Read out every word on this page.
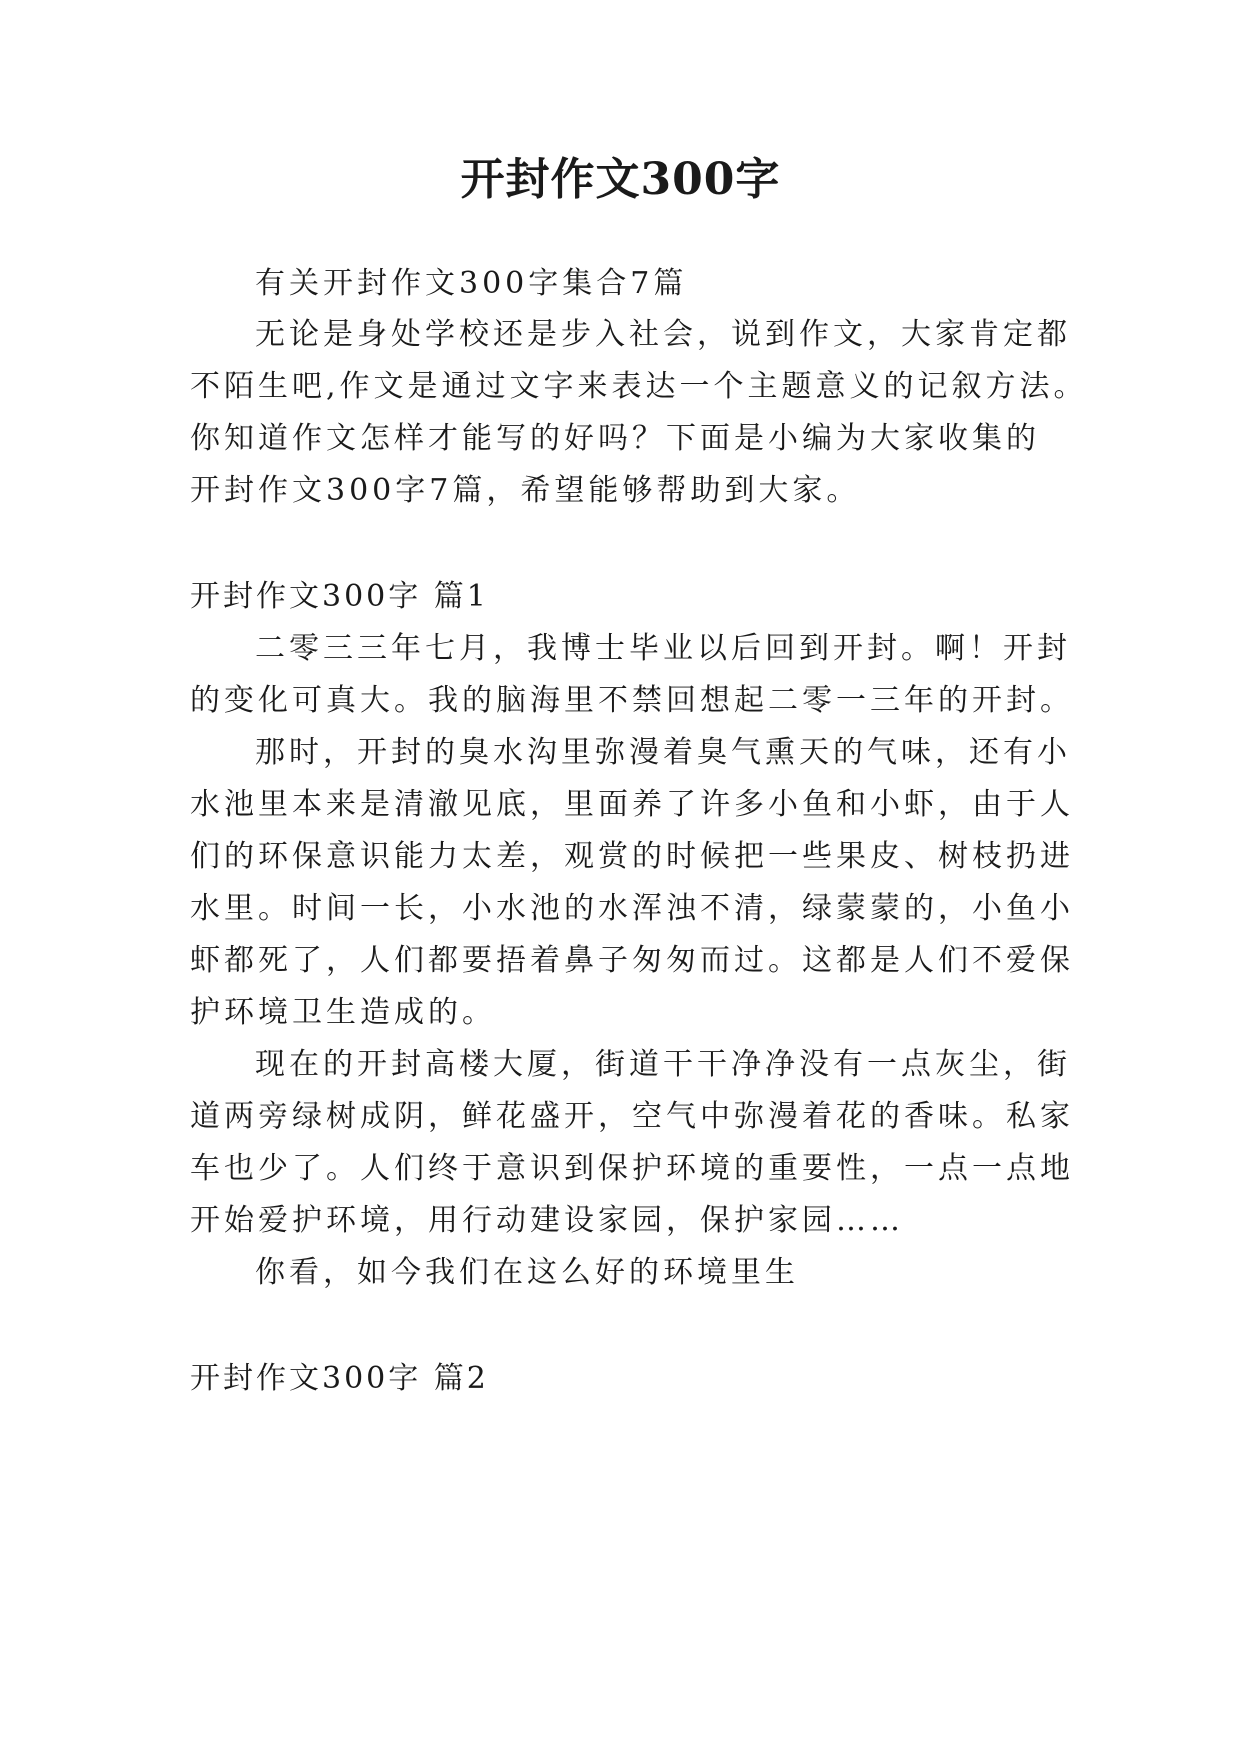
开封作文300字

有关开封作文300字集合7篇

无论是身处学校还是步入社会，说到作文，大家肯定都

不陌生吧,作文是通过文字来表达一个主题意义的记叙方法。

你知道作文怎样才能写的好吗？下面是小编为大家收集的

开封作文300字7篇，希望能够帮助到大家。

开封作文300字 篇1

二零三三年七月，我博士毕业以后回到开封。啊！开封

的变化可真大。我的脑海里不禁回想起二零一三年的开封。

那时，开封的臭水沟里弥漫着臭气熏天的气味，还有小

水池里本来是清澈见底，里面养了许多小鱼和小虾，由于人

们的环保意识能力太差，观赏的时候把一些果皮、树枝扔进

水里。时间一长，小水池的水浑浊不清，绿蒙蒙的，小鱼小

虾都死了，人们都要捂着鼻子匆匆而过。这都是人们不爱保

护环境卫生造成的。

现在的开封高楼大厦，街道干干净净没有一点灰尘，街

道两旁绿树成阴，鲜花盛开，空气中弥漫着花的香味。私家

车也少了。人们终于意识到保护环境的重要性，一点一点地

开始爱护环境，用行动建设家园，保护家园……

你看，如今我们在这么好的环境里生

开封作文300字 篇2
